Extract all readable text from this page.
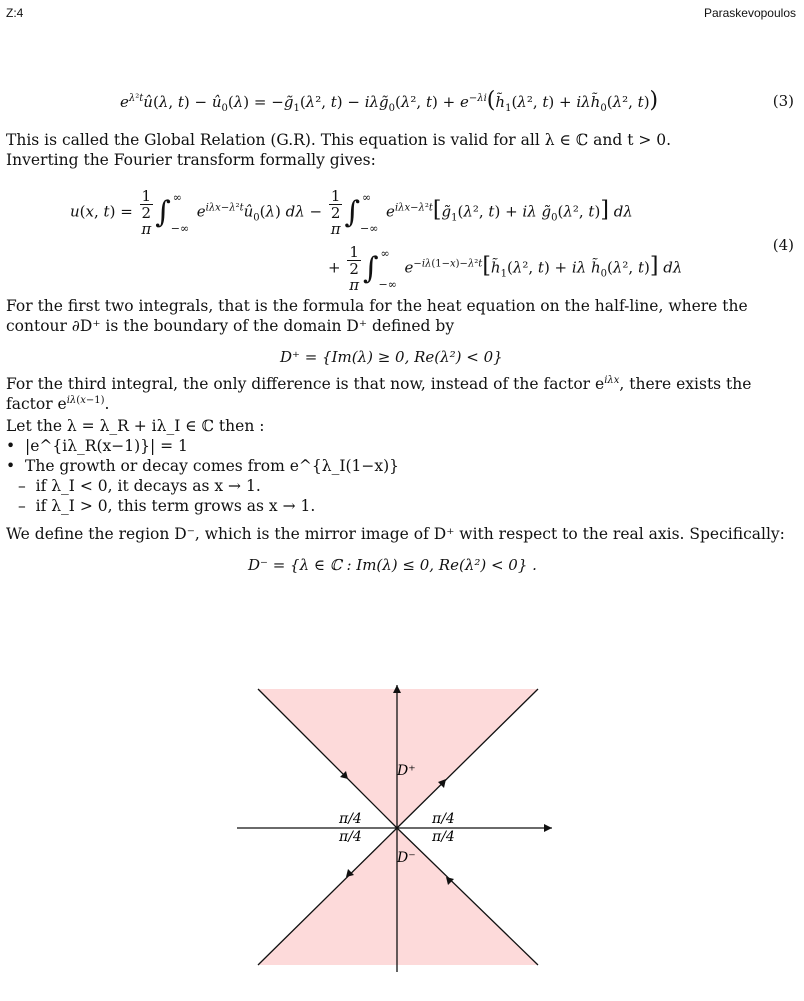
Z:4	Paraskevopoulos
$e^{\lambda^2t}û(\lambda$, $t) - û_0(\lambda)$ = $-g̃_1(\lambda^2$, $t) - i\lambda g̃_0(\lambda^2$, $t) + e^{-\lambda i}(h̃_1(\lambda^2$, $t) + i\lambda h̃_0(\lambda^2$, t))	(3)
This is called the Global Relation (G.R). This equation is valid for all λ ∈ ℂ and t > 0.
Inverting the Fourier transform formally gives:
u(x, t) = 1
2
π ∫ ∞
−∞
$e^{i\lambda x-\lambda^2t}û_0(\lambda) d\lambda - 1$
2
π ∫ ∞
−∞
$e^{i\lambda x-\lambda^2t}[g̃_1(\lambda^2$, t) + iλ $g̃_0(\lambda^2$, t)] dλ
+ 1
2
π ∫ ∞
−∞
$e^{-i\lambda(1-x)-\lambda^2t}[h̃_1(\lambda^2$, t) + iλ $h̃_0(\lambda^2$, t)] dλ
(4)
For the first two integrals, that is the formula for the heat equation on the half-line, where the contour ∂D⁺ is the boundary of the domain D⁺ defined by
D⁺ = {Im(λ) ≥ 0, Re(λ²) < 0}
For the third integral, the only difference is that now, instead of the factor $e^{i\lambda x}$, there exists the factor $e^{i\lambda(x-1)}$.
Let the λ = λ_R + iλ_I ∈ ℂ then :
•  |e^{iλ_R(x−1)}| = 1
•  The growth or decay comes from e^{λ_I(1−x)}
–  if λ_I < 0, it decays as x → 1.
–  if λ_I > 0, this term grows as x → 1.
We define the region D⁻, which is the mirror image of D⁺ with respect to the real axis. Specifically:
D⁻ = {λ ∈ ℂ : Im(λ) ≤ 0, Re(λ²) < 0} .
D⁺
D⁻
π/4
π/4
π/4
π/4
